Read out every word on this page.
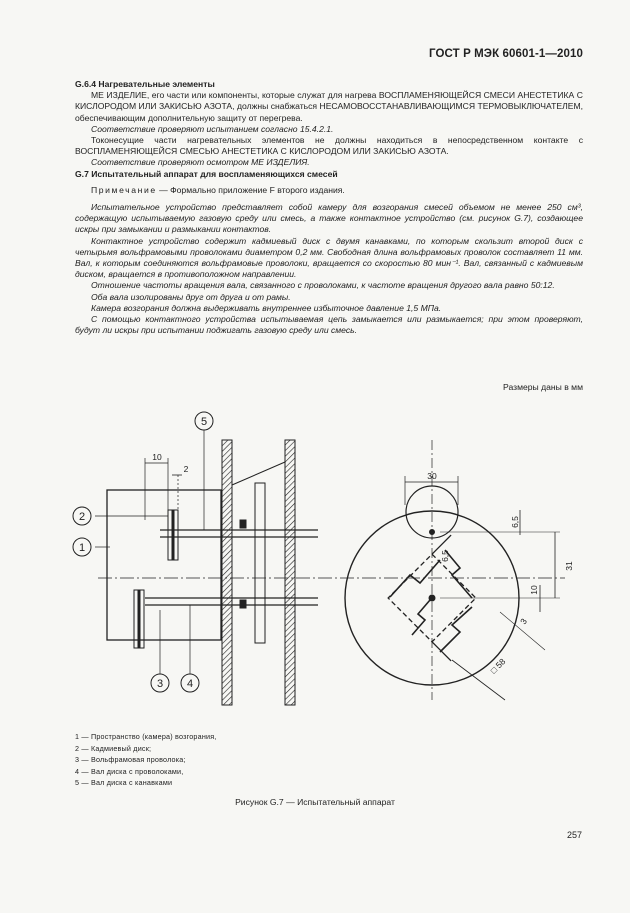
ГОСТ Р МЭК 60601-1—2010

G.6.4 Нагревательные элементы

МЕ ИЗДЕЛИЕ, его части или компоненты, которые служат для нагрева ВОСПЛАМЕНЯЮЩЕЙСЯ СМЕСИ АНЕСТЕТИКА С КИСЛОРОДОМ ИЛИ ЗАКИСЬЮ АЗОТА, должны снабжаться НЕСАМОВОССТАНАВЛИВАЮЩИМСЯ ТЕРМОВЫКЛЮЧАТЕЛЕМ, обеспечивающим дополнительную защиту от перегрева.

Соответствие проверяют испытанием согласно 15.4.2.1.

Токонесущие части нагревательных элементов не должны находиться в непосредственном контакте с ВОСПЛАМЕНЯЮЩЕЙСЯ СМЕСЬЮ АНЕСТЕТИКА С КИСЛОРОДОМ ИЛИ ЗАКИСЬЮ АЗОТА.

Соответствие проверяют осмотром МЕ ИЗДЕЛИЯ.

G.7 Испытательный аппарат для воспламеняющихся смесей

Примечание — Формально приложение F второго издания.

Испытательное устройство представляет собой камеру для возгорания смесей объемом не менее 250 см³, содержащую испытываемую газовую среду или смесь, а также контактное устройство (см. рисунок G.7), создающее искры при замыкании и размыкании контактов.

Контактное устройство содержит кадмиевый диск с двумя канавками, по которым скользит второй диск с четырьмя вольфрамовыми проволоками диаметром 0,2 мм. Свободная длина вольфрамовых проволок составляет 11 мм. Вал, к которым соединяются вольфрамовые проволоки, вращается со скоростью 80 мин⁻¹. Вал, связанный с кадмиевым диском, вращается в противоположном направлении.

Отношение частоты вращения вала, связанного с проволоками, к частоте вращения другого вала равно 50:12.

Оба вала изолированы друг от друга и от рамы.

Камера возгорания должна выдерживать внутреннее избыточное давление 1,5 МПа.

С помощью контактного устройства испытываемая цепь замыкается или размыкается; при этом проверяют, будут ли искры при испытании поджигать газовую среду или смесь.

Размеры даны в мм
10
2
30
6,5
6,5
31
10
3
□ 58
1
2
3 4
5

1 — Пространство (камера) возгорания,

2 — Кадмиевый диск;

3 — Вольфрамовая проволока;

4 — Вал диска с проволоками,

5 — Вал диска с канавками

Рисунок G.7 — Испытательный аппарат
257
